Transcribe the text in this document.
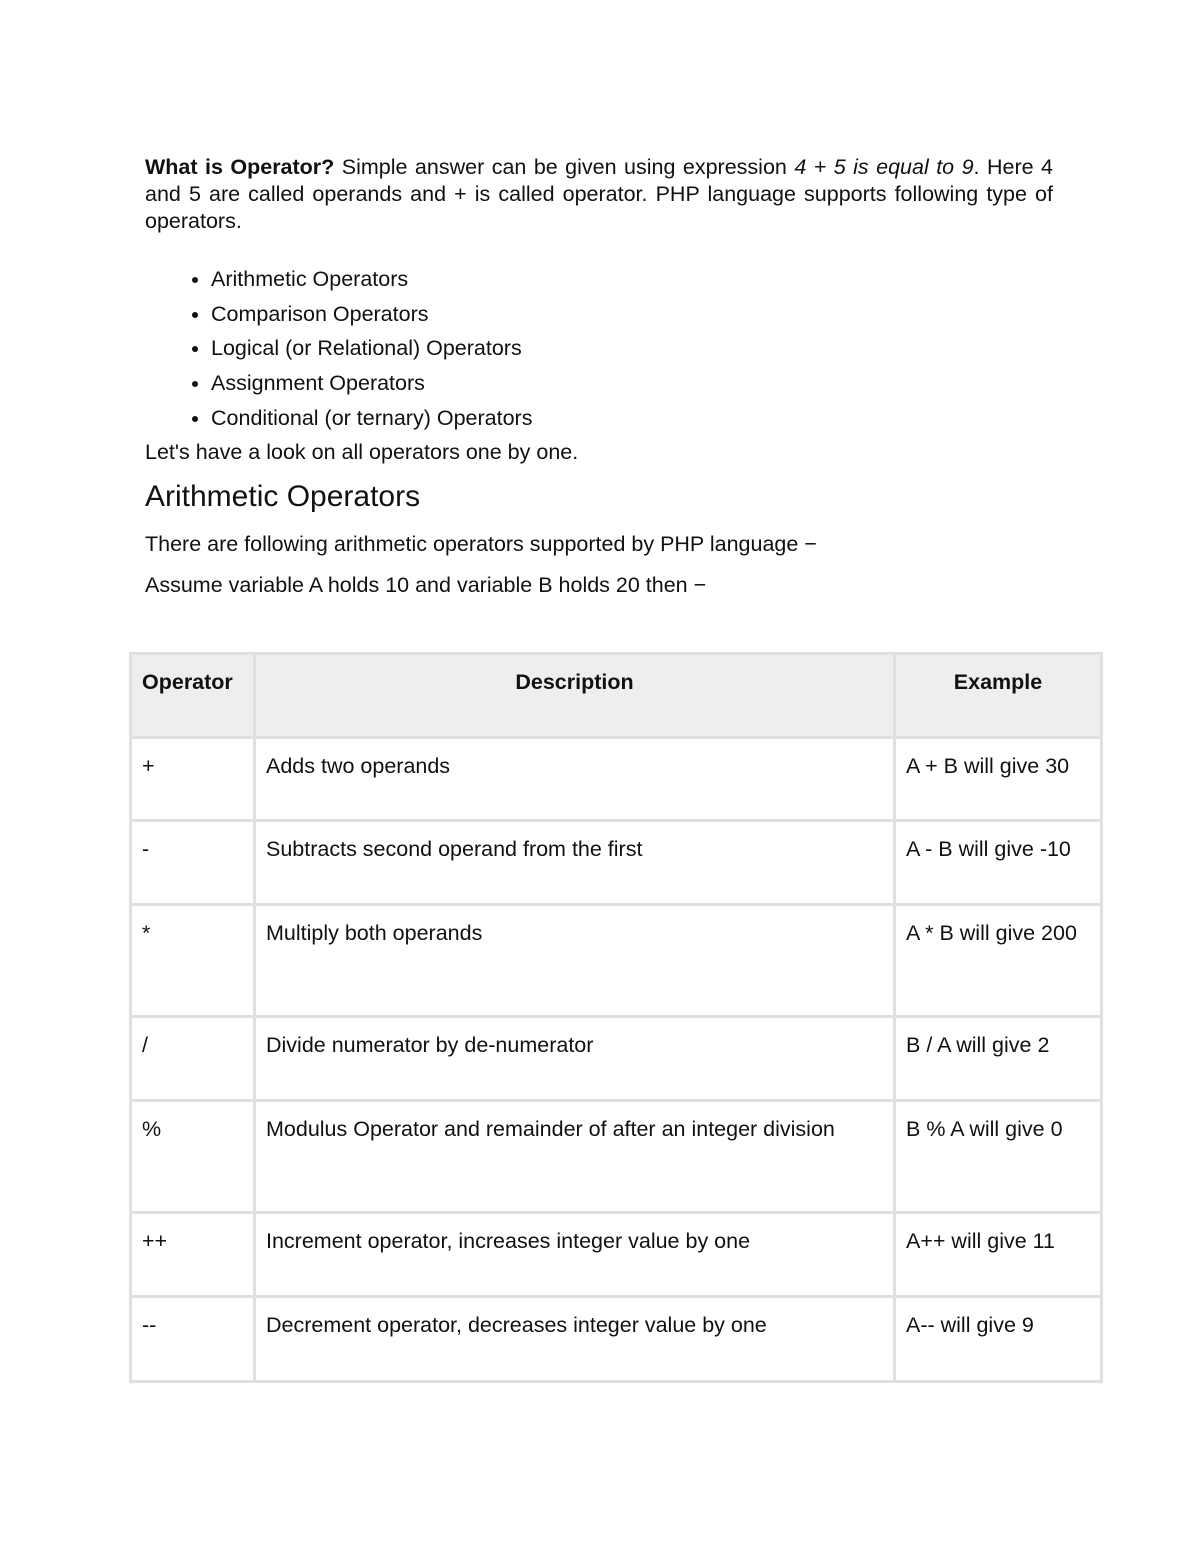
What is Operator? Simple answer can be given using expression 4 + 5 is equal to 9. Here 4 and 5 are called operands and + is called operator. PHP language supports following type of operators.
• Arithmetic Operators
• Comparison Operators
• Logical (or Relational) Operators
• Assignment Operators
• Conditional (or ternary) Operators
Let's have a look on all operators one by one.
Arithmetic Operators
There are following arithmetic operators supported by PHP language −
Assume variable A holds 10 and variable B holds 20 then −
Operator	Description	Example
+	Adds two operands	A + B will give 30
-	Subtracts second operand from the first	A - B will give -10
*	Multiply both operands	A * B will give 200
/	Divide numerator by de-numerator	B / A will give 2
%	Modulus Operator and remainder of after an integer division	B % A will give 0
++	Increment operator, increases integer value by one	A++ will give 11
--	Decrement operator, decreases integer value by one	A-- will give 9
